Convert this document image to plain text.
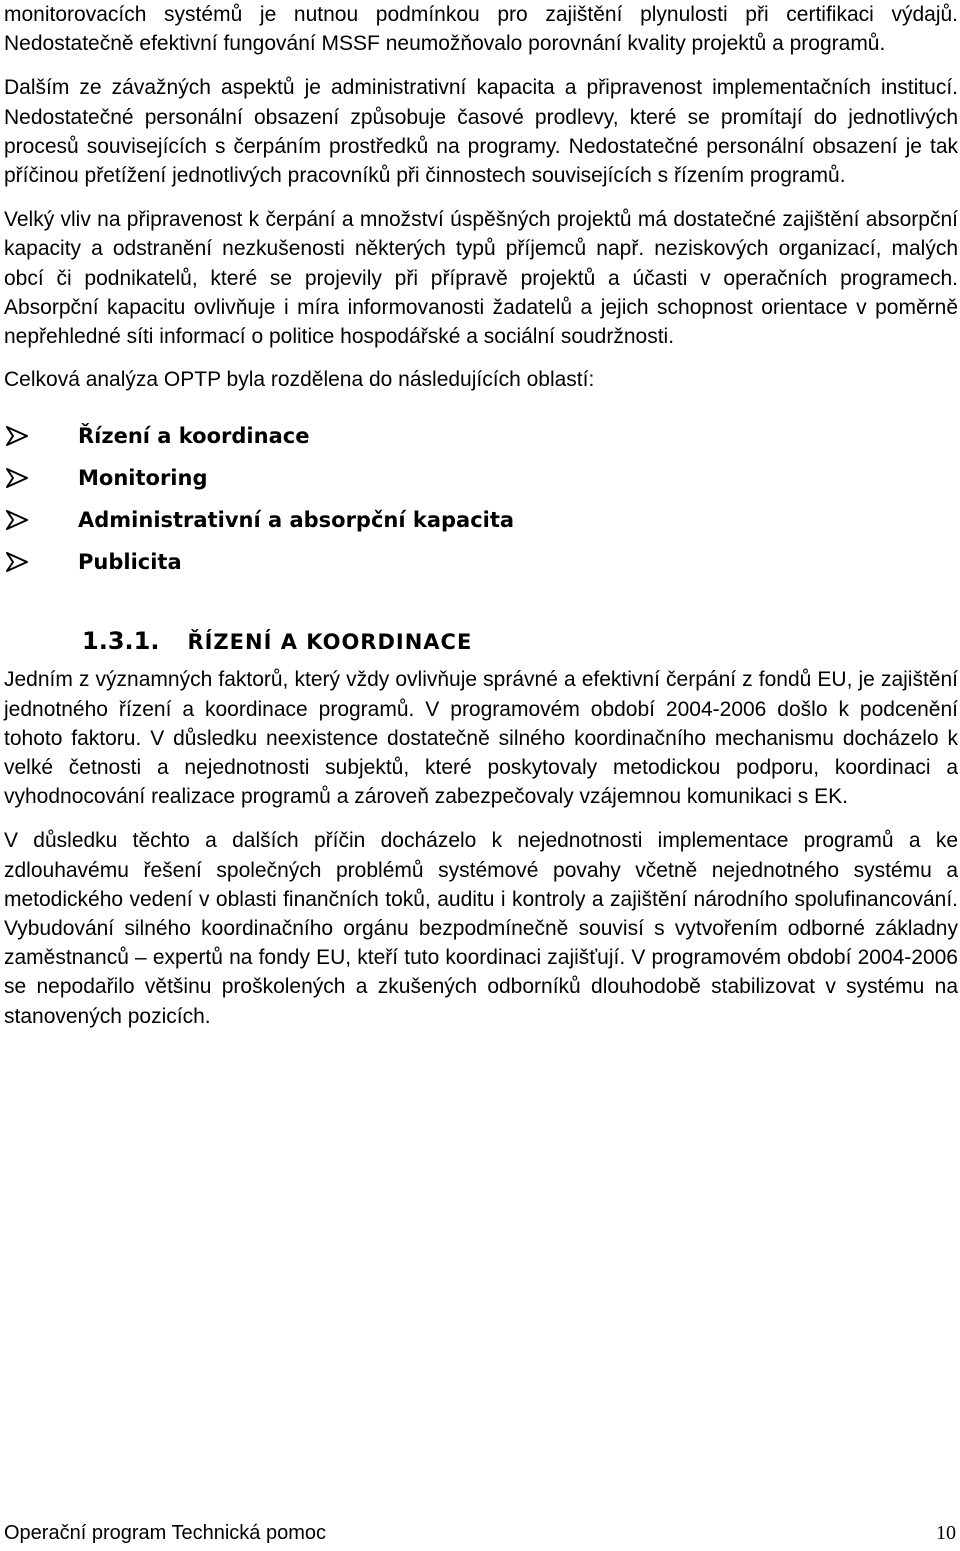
monitorovacích systémů je nutnou podmínkou pro zajištění plynulosti při certifikaci výdajů. Nedostatečně efektivní fungování MSSF neumožňovalo porovnání kvality projektů a programů.

Dalším ze závažných aspektů je administrativní kapacita a připravenost implementačních institucí. Nedostatečné personální obsazení způsobuje časové prodlevy, které se promítají do jednotlivých procesů souvisejících s čerpáním prostředků na programy. Nedostatečné personální obsazení je tak příčinou přetížení jednotlivých pracovníků při činnostech souvisejících s řízením programů.

Velký vliv na připravenost k čerpání a množství úspěšných projektů má dostatečné zajištění absorpční kapacity a odstranění nezkušenosti některých typů příjemců např. neziskových organizací, malých obcí či podnikatelů, které se projevily při přípravě projektů a účasti v operačních programech. Absorpční kapacitu ovlivňuje i míra informovanosti žadatelů a jejich schopnost orientace v poměrně nepřehledné síti informací o politice hospodářské a sociální soudržnosti.

Celková analýza OPTP byla rozdělena do následujících oblastí:

Řízení a koordinace
Monitoring
Administrativní a absorpční kapacita
Publicita
1.3.1. ŘÍZENÍ A KOORDINACE

Jedním z významných faktorů, který vždy ovlivňuje správné a efektivní čerpání z fondů EU, je zajištění jednotného řízení a koordinace programů. V programovém období 2004-2006 došlo k podcenění tohoto faktoru. V důsledku neexistence dostatečně silného koordinačního mechanismu docházelo k velké četnosti a nejednotnosti subjektů, které poskytovaly metodickou podporu, koordinaci a vyhodnocování realizace programů a zároveň zabezpečovaly vzájemnou komunikaci s EK.

V důsledku těchto a dalších příčin docházelo k nejednotnosti implementace programů a ke zdlouhavému řešení společných problémů systémové povahy včetně nejednotného systému a metodického vedení v oblasti finančních toků, auditu i kontroly a zajištění národního spolufinancování. Vybudování silného koordinačního orgánu bezpodmínečně souvisí s vytvořením odborné základny zaměstnanců – expertů na fondy EU, kteří tuto koordinaci zajišťují. V programovém období 2004-2006 se nepodařilo většinu proškolených a zkušených odborníků dlouhodobě stabilizovat v systému na stanovených pozicích.

Operační program Technická pomoc	10
